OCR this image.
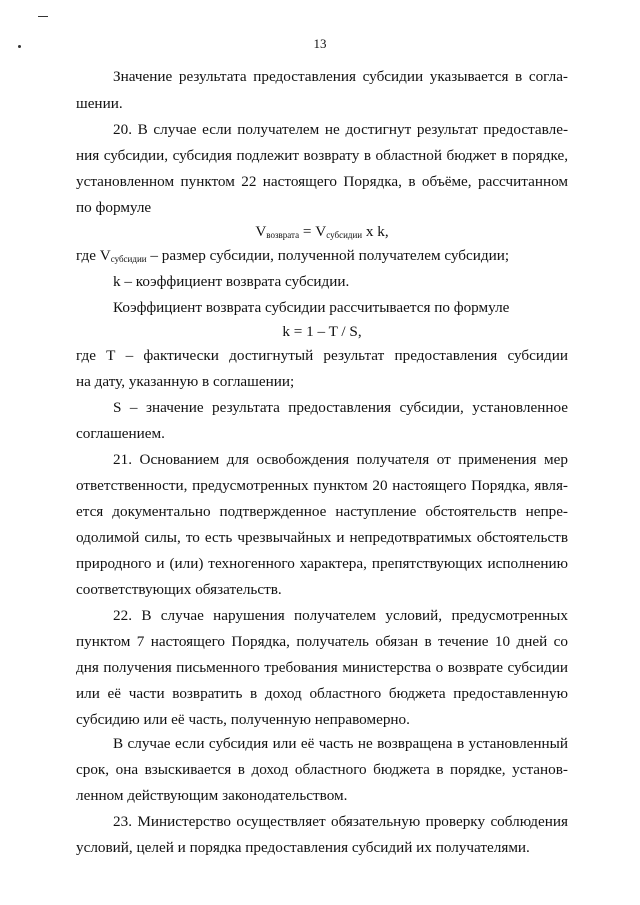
13
Значение результата предоставления субсидии указывается в согла-
шении.
20. В случае если получателем не достигнут результат предоставле-
ния субсидии, субсидия подлежит возврату в областной бюджет в порядке,
установленном пунктом 22 настоящего Порядка, в объёме, рассчитанном
по формуле
$V_{возврата} = V_{субсидии}$ x k,
где $V_{субсидии}$ – размер субсидии, полученной получателем субсидии;
k – коэффициент возврата субсидии.
Коэффициент возврата субсидии рассчитывается по формуле
k = 1 – T / S,
где Т – фактически достигнутый результат предоставления субсидии
на дату, указанную в соглашении;
S – значение результата предоставления субсидии, установленное
соглашением.
21. Основанием для освобождения получателя от применения мер
ответственности, предусмотренных пунктом 20 настоящего Порядка, явля-
ется документально подтвержденное наступление обстоятельств непре-
одолимой силы, то есть чрезвычайных и непредотвратимых обстоятельств
природного и (или) техногенного характера, препятствующих исполнению
соответствующих обязательств.
22. В случае нарушения получателем условий, предусмотренных
пунктом 7 настоящего Порядка, получатель обязан в течение 10 дней со
дня получения письменного требования министерства о возврате субсидии
или её части возвратить в доход областного бюджета предоставленную
субсидию или её часть, полученную неправомерно.
В случае если субсидия или её часть не возвращена в установленный
срок, она взыскивается в доход областного бюджета в порядке, установ-
ленном действующим законодательством.
23. Министерство осуществляет обязательную проверку соблюдения
условий, целей и порядка предоставления субсидий их получателями.
